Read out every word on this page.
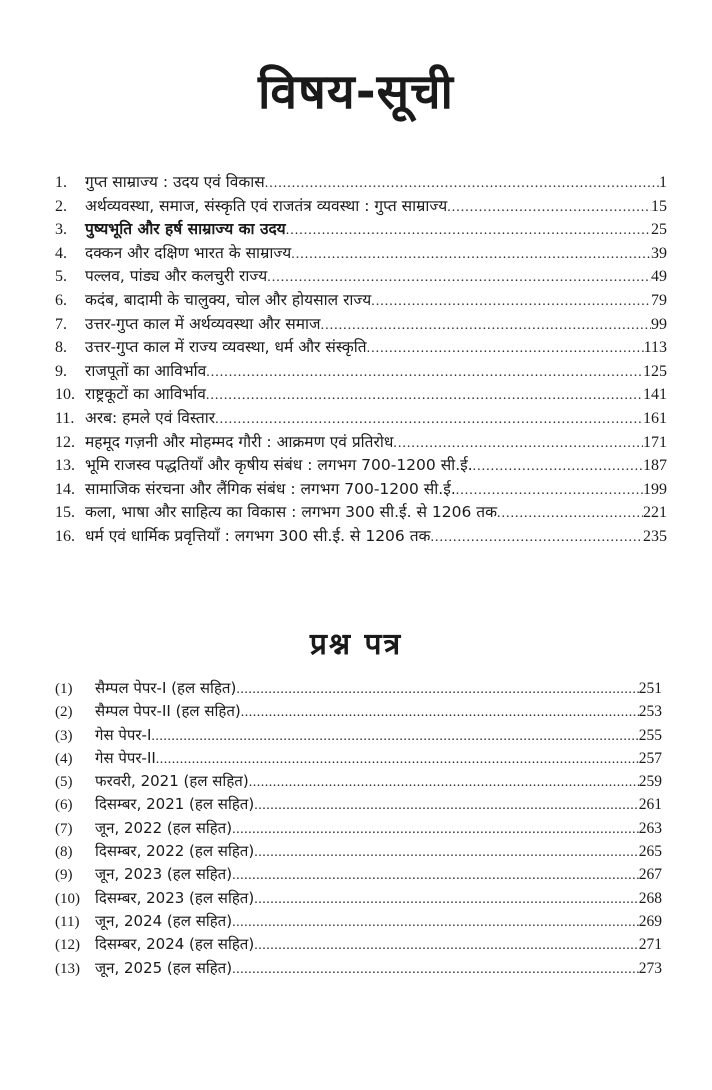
विषय-सूची
1.	गुप्त साम्राज्य : उदय एवं विकास .....	1
2.	अर्थव्यवस्था, समाज, संस्कृति एवं राजतंत्र व्यवस्था : गुप्त साम्राज्य .....	15
3.	पुष्यभूति और हर्ष साम्राज्य का उदय .....	25
4.	दक्कन और दक्षिण भारत के साम्राज्य .....	39
5.	पल्लव, पांड्य और कलचुरी राज्य .....	49
6.	कदंब, बादामी के चालुक्य, चोल और होयसाल राज्य .....	79
7.	उत्तर-गुप्त काल में अर्थव्यवस्था और समाज .....	99
8.	उत्तर-गुप्त काल में राज्य व्यवस्था, धर्म और संस्कृति .....	113
9.	राजपूतों का आविर्भाव .....	125
10. राष्ट्रकूटों का आविर्भाव .....	141
11. अरब: हमले एवं विस्तार .....	161
12. महमूद गज़नी और मोहम्मद गौरी : आक्रमण एवं प्रतिरोध .....	171
13. भूमि राजस्व पद्धतियाँ और कृषीय संबंध : लगभग 700-1200 सी.ई. .....	187
14. सामाजिक संरचना और लैंगिक संबंध : लगभग 700-1200 सी.ई. .....	199
15. कला, भाषा और साहित्य का विकास : लगभग 300 सी.ई. से 1206 तक .....	221
16. धर्म एवं धार्मिक प्रवृत्तियाँ : लगभग 300 सी.ई. से 1206 तक .....	235
प्रश्न पत्र
(1)	सैम्पल पेपर-I (हल सहित) .....	251
(2)	सैम्पल पेपर-II (हल सहित) .....	253
(3)	गेस पेपर-I .....	255
(4)	गेस पेपर-II .....	257
(5)	फरवरी, 2021 (हल सहित) .....	259
(6)	दिसम्बर, 2021 (हल सहित) .....	261
(7)	जून, 2022 (हल सहित) .....	263
(8)	दिसम्बर, 2022 (हल सहित) .....	265
(9)	जून, 2023 (हल सहित) .....	267
(10)	दिसम्बर, 2023 (हल सहित) .....	268
(11)	जून, 2024 (हल सहित) .....	269
(12)	दिसम्बर, 2024 (हल सहित) .....	271
(13)	जून, 2025 (हल सहित) .....	273
